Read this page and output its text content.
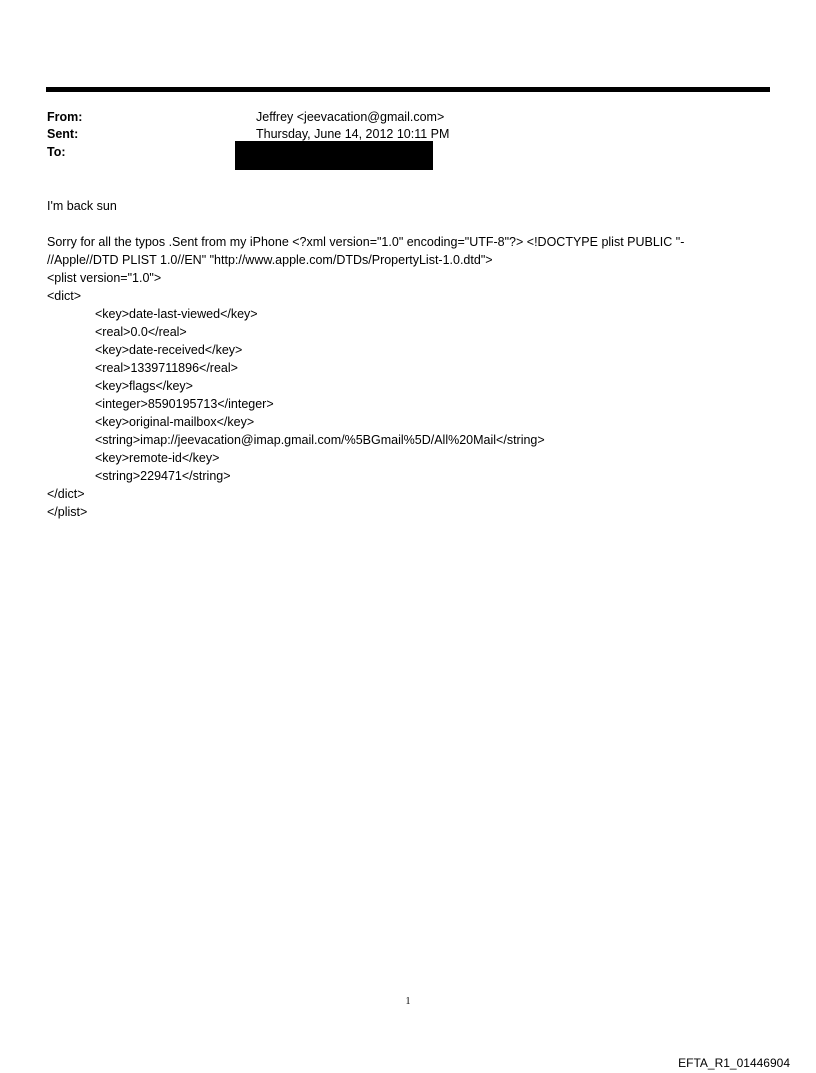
From:	Jeffrey <jeevacation@gmail.com>
Sent:	Thursday, June 14, 2012 10:11 PM
To:
I'm back sun
Sorry for all the typos .Sent from my iPhone <?xml version="1.0" encoding="UTF-8"?> <!DOCTYPE plist PUBLIC "-
//Apple//DTD PLIST 1.0//EN" "http://www.apple.com/DTDs/PropertyList-1.0.dtd">
<plist version="1.0">
<dict>
<key>date-last-viewed</key>
<real>0.0</real>
<key>date-received</key>
<real>1339711896</real>
<key>flags</key>
<integer>8590195713</integer>
<key>original-mailbox</key>
<string>imap://jeevacation@imap.gmail.com/%5BGmail%5D/All%20Mail</string>
<key>remote-id</key>
<string>229471</string>
</dict>
</plist>
1
EFTA_R1_01446904
